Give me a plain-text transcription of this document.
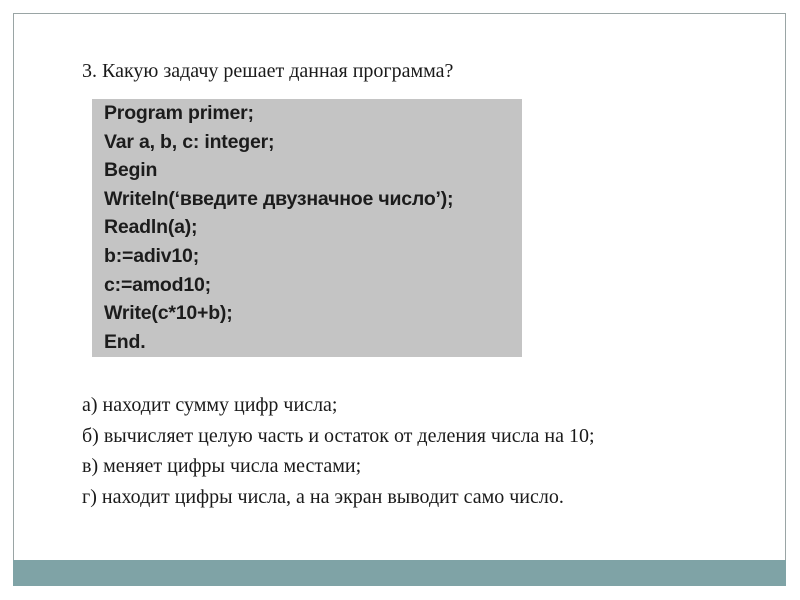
3. Какую задачу решает данная программа?
Program primer;
Var a, b, c: integer;
Begin
Writeln(‘введите двузначное число’);
Readln(a);
b:=adiv10;
c:=amod10;
Write(c*10+b);
End.
а) находит сумму цифр числа;
б) вычисляет целую часть и остаток от деления числа на 10;
в) меняет цифры числа местами;
г) находит цифры числа, а на экран выводит само число.
